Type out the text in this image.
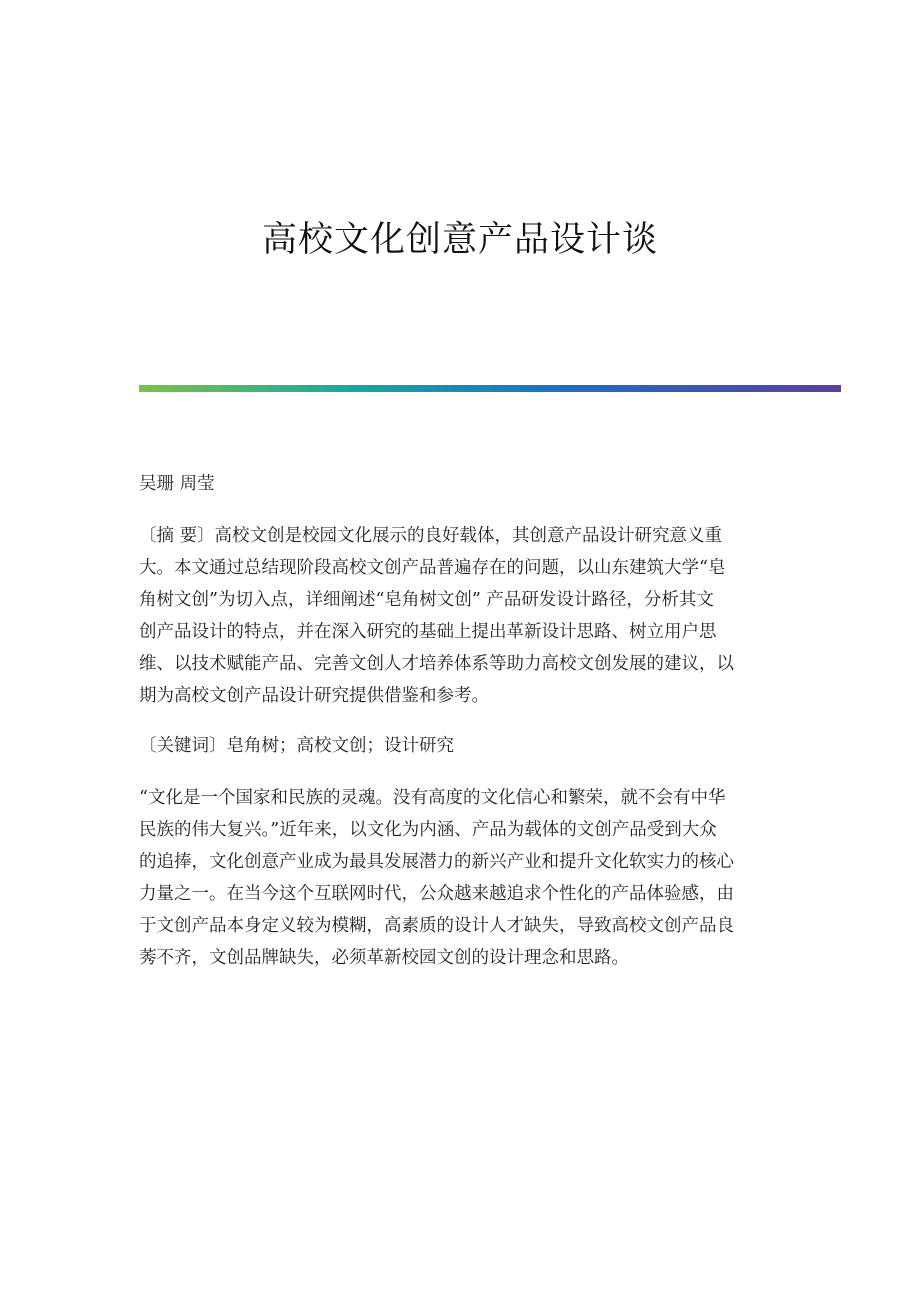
高校文化创意产品设计谈
吴珊 周莹
〔摘 要〕高校文创是校园文化展示的良好载体，其创意产品设计研究意义重
大。本文通过总结现阶段高校文创产品普遍存在的问题，以山东建筑大学“皂
角树文创”为切入点，详细阐述“皂角树文创” 产品研发设计路径，分析其文
创产品设计的特点，并在深入研究的基础上提出革新设计思路、树立用户思
维、以技术赋能产品、完善文创人才培养体系等助力高校文创发展的建议，以
期为高校文创产品设计研究提供借鉴和参考。
〔关键词〕皂角树；高校文创；设计研究
“文化是一个国家和民族的灵魂。没有高度的文化信心和繁荣，就不会有中华
民族的伟大复兴。”近年来，以文化为内涵、产品为载体的文创产品受到大众
的追捧，文化创意产业成为最具发展潜力的新兴产业和提升文化软实力的核心
力量之一。在当今这个互联网时代，公众越来越追求个性化的产品体验感，由
于文创产品本身定义较为模糊，高素质的设计人才缺失，导致高校文创产品良
莠不齐，文创品牌缺失，必须革新校园文创的设计理念和思路。
